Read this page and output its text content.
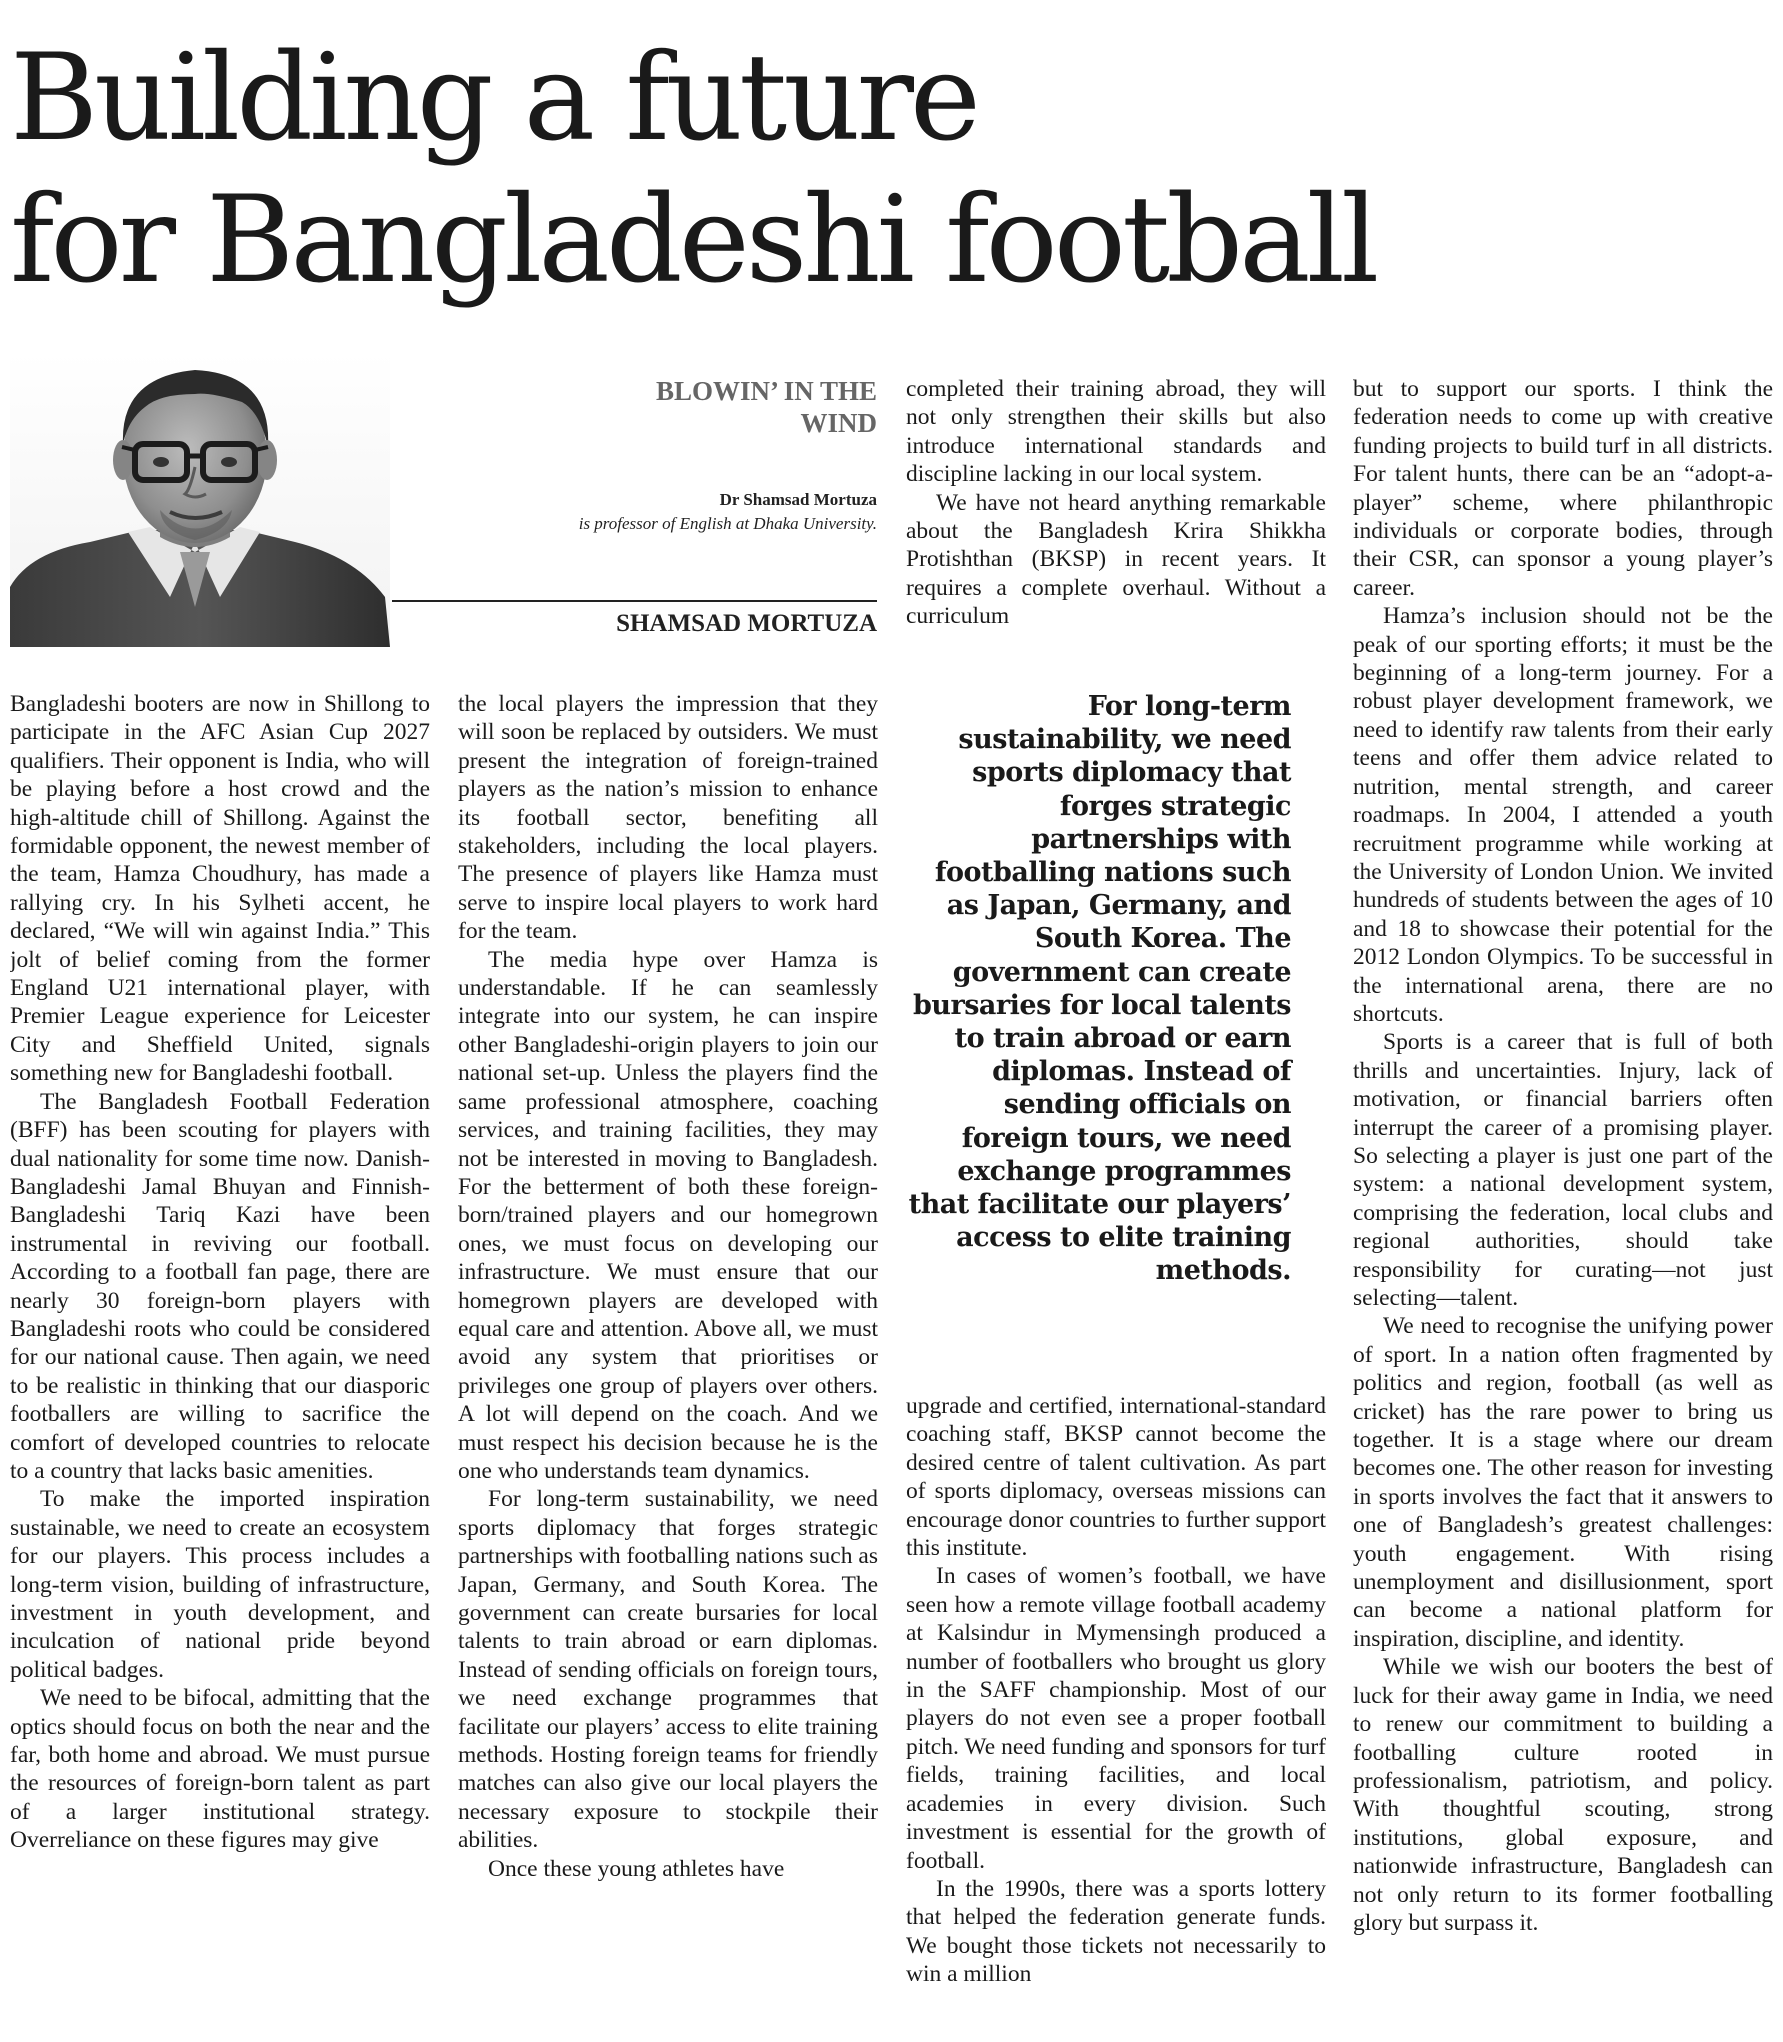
Building a future
for Bangladeshi football
BLOWIN’ IN THE
WIND
Dr Shamsad Mortuza
is professor of English at Dhaka University.
SHAMSAD MORTUZA

Bangladeshi booters are now in Shillong to participate in the AFC Asian Cup 2027 qualifiers. Their opponent is India, who will be playing before a host crowd and the high-altitude chill of Shillong. Against the formidable opponent, the newest member of the team, Hamza Choudhury, has made a rallying cry. In his Sylheti accent, he declared, “We will win against India.” This jolt of belief coming from the former England U21 international player, with Premier League experience for Leicester City and Sheffield United, signals something new for Bangladeshi football.

The Bangladesh Football Federation (BFF) has been scouting for players with dual nationality for some time now. Danish-Bangladeshi Jamal Bhuyan and Finnish-Bangladeshi Tariq Kazi have been instrumental in reviving our football. According to a football fan page, there are nearly 30 foreign-born players with Bangladeshi roots who could be considered for our national cause. Then again, we need to be realistic in thinking that our diasporic footballers are willing to sacrifice the comfort of developed countries to relocate to a country that lacks basic amenities.

To make the imported inspiration sustainable, we need to create an ecosystem for our players. This process includes a long-term vision, building of infrastructure, investment in youth development, and inculcation of national pride beyond political badges.

We need to be bifocal, admitting that the optics should focus on both the near and the far, both home and abroad. We must pursue the resources of foreign-born talent as part of a larger institutional strategy. Overreliance on these figures may give

the local players the impression that they will soon be replaced by outsiders. We must present the integration of foreign-trained players as the nation’s mission to enhance its football sector, benefiting all stakeholders, including the local players. The presence of players like Hamza must serve to inspire local players to work hard for the team.

The media hype over Hamza is understandable. If he can seamlessly integrate into our system, he can inspire other Bangladeshi-origin players to join our national set-up. Unless the players find the same professional atmosphere, coaching services, and training facilities, they may not be interested in moving to Bangladesh. For the betterment of both these foreign-born/trained players and our homegrown ones, we must focus on developing our infrastructure. We must ensure that our homegrown players are developed with equal care and attention. Above all, we must avoid any system that prioritises or privileges one group of players over others. A lot will depend on the coach. And we must respect his decision because he is the one who understands team dynamics.

For long-term sustainability, we need sports diplomacy that forges strategic partnerships with footballing nations such as Japan, Germany, and South Korea. The government can create bursaries for local talents to train abroad or earn diplomas. Instead of sending officials on foreign tours, we need exchange programmes that facilitate our players’ access to elite training methods. Hosting foreign teams for friendly matches can also give our local players the necessary exposure to stockpile their abilities.

Once these young athletes have

completed their training abroad, they will not only strengthen their skills but also introduce international standards and discipline lacking in our local system.

We have not heard anything remarkable about the Bangladesh Krira Shikkha Protishthan (BKSP) in recent years. It requires a complete overhaul. Without a curriculum

For long-term sustainability, we need sports diplomacy that forges strategic partnerships with footballing nations such as Japan, Germany, and South Korea. The government can create bursaries for local talents to train abroad or earn diplomas. Instead of sending officials on foreign tours, we need exchange programmes that facilitate our players’ access to elite training methods.

upgrade and certified, international-standard coaching staff, BKSP cannot become the desired centre of talent cultivation. As part of sports diplomacy, overseas missions can encourage donor countries to further support this institute.

In cases of women’s football, we have seen how a remote village football academy at Kalsindur in Mymensingh produced a number of footballers who brought us glory in the SAFF championship. Most of our players do not even see a proper football pitch. We need funding and sponsors for turf fields, training facilities, and local academies in every division. Such investment is essential for the growth of football.

In the 1990s, there was a sports lottery that helped the federation generate funds. We bought those tickets not necessarily to win a million

but to support our sports. I think the federation needs to come up with creative funding projects to build turf in all districts. For talent hunts, there can be an “adopt-a-player” scheme, where philanthropic individuals or corporate bodies, through their CSR, can sponsor a young player’s career.

Hamza’s inclusion should not be the peak of our sporting efforts; it must be the beginning of a long-term journey. For a robust player development framework, we need to identify raw talents from their early teens and offer them advice related to nutrition, mental strength, and career roadmaps. In 2004, I attended a youth recruitment programme while working at the University of London Union. We invited hundreds of students between the ages of 10 and 18 to showcase their potential for the 2012 London Olympics. To be successful in the international arena, there are no shortcuts.

Sports is a career that is full of both thrills and uncertainties. Injury, lack of motivation, or financial barriers often interrupt the career of a promising player. So selecting a player is just one part of the system: a national development system, comprising the federation, local clubs and regional authorities, should take responsibility for curating—not just selecting—talent.

We need to recognise the unifying power of sport. In a nation often fragmented by politics and region, football (as well as cricket) has the rare power to bring us together. It is a stage where our dream becomes one. The other reason for investing in sports involves the fact that it answers to one of Bangladesh’s greatest challenges: youth engagement. With rising unemployment and disillusionment, sport can become a national platform for inspiration, discipline, and identity.

While we wish our booters the best of luck for their away game in India, we need to renew our commitment to building a footballing culture rooted in professionalism, patriotism, and policy. With thoughtful scouting, strong institutions, global exposure, and nationwide infrastructure, Bangladesh can not only return to its former footballing glory but surpass it.
